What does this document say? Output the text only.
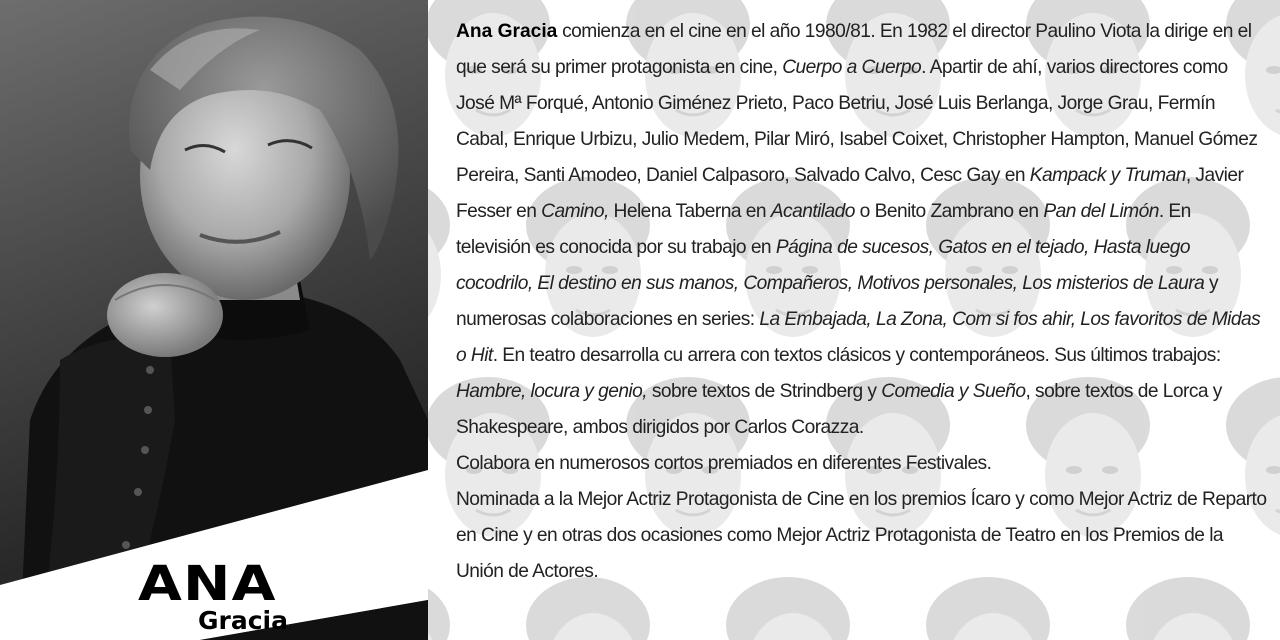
ANA
Gracia

Ana Gracia comienza en el cine en el año 1980/81. En 1982 el director Paulino Viota la dirige en el que será su primer protagonista en cine, Cuerpo a Cuerpo. Apartir de ahí, varios directores como José Mª Forqué, Antonio Giménez Prieto, Paco Betriu, José Luis Berlanga, Jorge Grau, Fermín Cabal, Enrique Urbizu, Julio Medem, Pilar Miró, Isabel Coixet, Christopher Hampton, Manuel Gómez Pereira, Santi Amodeo, Daniel Calpasoro, Salvado Calvo, Cesc Gay en Kampack y Truman, Javier Fesser en Camino, Helena Taberna en Acantilado o Benito Zambrano en Pan del Limón. En televisión es conocida por su trabajo en Página de sucesos, Gatos en el tejado, Hasta luego cocodrilo, El destino en sus manos, Compañeros, Motivos personales, Los misterios de Laura y numerosas colaboraciones en series: La Embajada, La Zona, Com si fos ahir, Los favoritos de Midas o Hit. En teatro desarrolla cu arrera con textos clásicos y contemporáneos. Sus últimos trabajos: Hambre, locura y genio, sobre textos de Strindberg y Comedia y Sueño, sobre textos de Lorca y Shakespeare, ambos dirigidos por Carlos Corazza.

Colabora en numerosos cortos premiados en diferentes Festivales.

Nominada a la Mejor Actriz Protagonista de Cine en los premios Ícaro y como Mejor Actriz de Reparto en Cine y en otras dos ocasiones como Mejor Actriz Protagonista de Teatro en los Premios de la Unión de Actores.
